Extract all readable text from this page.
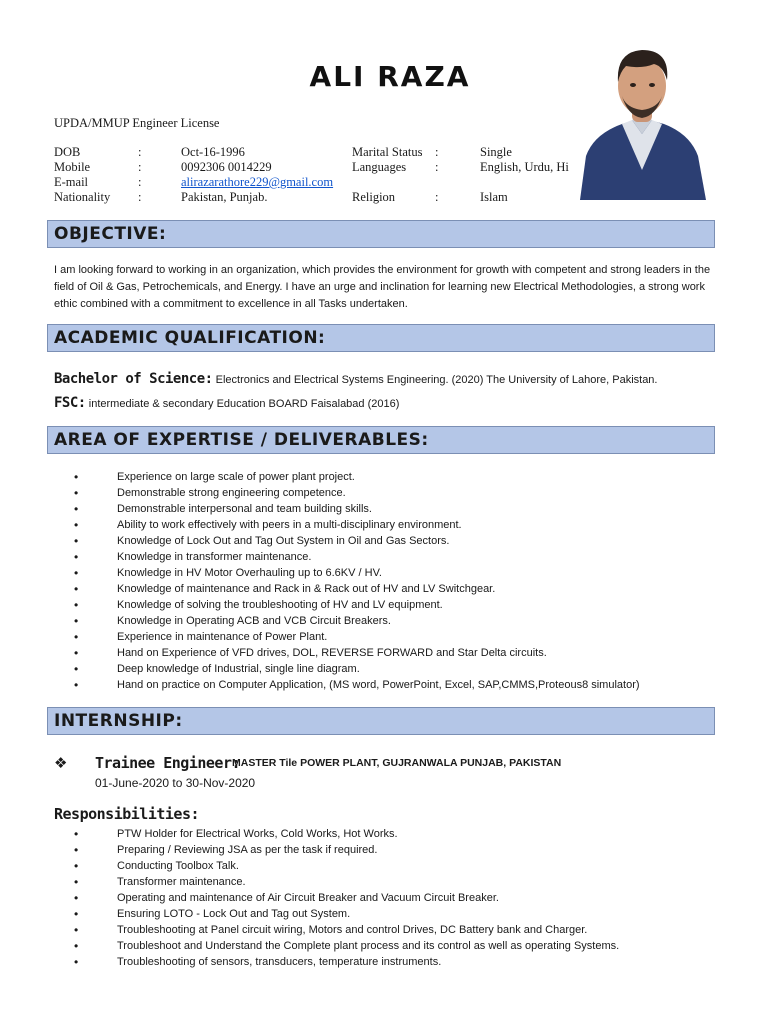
ALI RAZA
UPDA/MMUP Engineer License
DOB	:	Oct-16-1996	Marital Status :	Single
Mobile	:	0092306 0014229	Languages :	English, Urdu, Hi
E-mail	:	alirazarathore229@gmail.com
Nationality :	Pakistan, Punjab.	Religion	:	Islam
OBJECTIVE:
I am looking forward to working in an organization, which provides the environment for growth with competent and strong leaders in the field of Oil & Gas, Petrochemicals, and Energy. I have an urge and inclination for learning new Electrical Methodologies, a strong work ethic combined with a commitment to excellence in all Tasks undertaken.
ACADEMIC QUALIFICATION:
Bachelor of Science: Electronics and Electrical Systems Engineering. (2020) The University of Lahore, Pakistan.
FSC: intermediate & secondary Education BOARD Faisalabad (2016)
AREA OF EXPERTISE / DELIVERABLES:
•	Experience on large scale of power plant project.
•	Demonstrable strong engineering competence.
•	Demonstrable interpersonal and team building skills.
•	Ability to work effectively with peers in a multi-disciplinary environment.
•	Knowledge of Lock Out and Tag Out System in Oil and Gas Sectors.
•	Knowledge in transformer maintenance.
•	Knowledge in HV Motor Overhauling up to 6.6KV / HV.
•	Knowledge of maintenance and Rack in & Rack out of HV and LV Switchgear.
•	Knowledge of solving the troubleshooting of HV and LV equipment.
•	Knowledge in Operating ACB and VCB Circuit Breakers.
•	Experience in maintenance of Power Plant.
•	Hand on Experience of VFD drives, DOL, REVERSE FORWARD and Star Delta circuits.
•	Deep knowledge of Industrial, single line diagram.
•	Hand on practice on Computer Application, (MS word, PowerPoint, Excel, SAP,CMMS,Proteous8 simulator)
INTERNSHIP:
❖ Trainee Engineer:
MASTER Tile POWER PLANT, GUJRANWALA PUNJAB, PAKISTAN
01-June-2020 to 30-Nov-2020
Responsibilities:
•	PTW Holder for Electrical Works, Cold Works, Hot Works.
•	Preparing / Reviewing JSA as per the task if required.
•	Conducting Toolbox Talk.
•	Transformer maintenance.
•	Operating and maintenance of Air Circuit Breaker and Vacuum Circuit Breaker.
•	Ensuring LOTO - Lock Out and Tag out System.
•	Troubleshooting at Panel circuit wiring, Motors and control Drives, DC Battery bank and Charger.
•	Troubleshoot and Understand the Complete plant process and its control as well as operating Systems.
•	Troubleshooting of sensors, transducers, temperature instruments.
